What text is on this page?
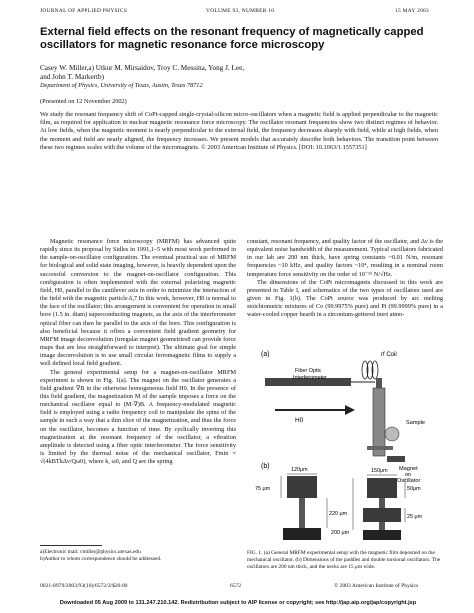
JOURNAL OF APPLIED PHYSICS	VOLUME 93, NUMBER 10	15 MAY 2003
External field effects on the resonant frequency of magnetically capped oscillators for magnetic resonance force microscopy
Casey W. Miller,a) Utkur M. Mirsaidov, Troy C. Messina, Yong J. Lee,
and John T. Markertb)
Department of Physics, University of Texas, Austin, Texas 78712
(Presented on 12 November 2002)
We study the resonant frequency shift of CoPt-capped single-crystal-silicon micro-oscillators when a magnetic field is applied perpendicular to the magnetic film, as required for application to nuclear magnetic resonance force microscopy. The oscillator resonant frequencies show two distinct regimes of behavior. At low fields, when the magnetic moment is nearly perpendicular to the external field, the frequency decreases sharply with field, while at high fields, when the moment and field are nearly aligned, the frequency increases. We present models that accurately describe both behaviors. The transition point between these two regimes scales with the volume of the micromagnets. © 2003 American Institute of Physics. [DOI: 10.1063/1.1557351]

Magnetic resonance force microscopy (MRFM) has advanced quite rapidly since its proposal by Sidles in 1991,1–5 with most work performed in the sample-on-oscillator configuration. The eventual practical use of MRFM for biological and solid state imaging, however, is heavily dependent upon the successful conversion to the magnet-on-oscillator configuration. This configuration is often implemented with the external polarizing magnetic field, H0, parallel to the cantilever axis in order to minimize the interaction of the field with the magnetic particle.6,7 In this work, however, H0 is normal to the face of the oscillator; this arrangement is convenient for operation in small bore (1.5 in. diam) superconducting magnets, as the axis of the interferometer optical fiber can then be parallel to the axis of the bore. This configuration is also beneficial because it offers a convenient field gradient geometry for MRFM image deconvolution (irregular magnet geometries8 can provide force maps that are less straightforward to interpret). The ultimate goal for simple image deconvolution is to use small circular ferromagnetic films to supply a well defined local field gradient.

The general experimental setup for a magnet-on-oscillator MRFM experiment is shown in Fig. 1(a). The magnet on the oscillator generates a field gradient ∇B in the otherwise homogeneous field H0. In the presence of this field gradient, the magnetization M of the sample imposes a force on the mechanical oscillator equal to (M·∇)B. A frequency-modulated magnetic field is employed using a radio frequency coil to manipulate the spins of the sample in such a way that a thin slice of the magnetization, and thus the force on the oscillator, becomes a function of time. By cyclically inverting this magnetization at the resonant frequency of the oscillator, a vibration amplitude is detected using a fiber optic interferometer. The force sensitivity is limited by the thermal noise of the mechanical oscillator, Fmin = √(4kBTkΔν/Qω0), where k, ω0, and Q are the spring

a)Electronic mail: cmiller@physics.utexas.edu
b)Author to whom correspondence should be addressed.

constant, resonant frequency, and quality factor of the oscillator, and Δν is the equivalent noise bandwidth of the measurement. Typical oscillators fabricated in our lab are 200 nm thick, have spring constants ~0.01 N/m, resonant frequencies ~10 kHz, and quality factors ~10⁴, resulting in a nominal room temperature force sensitivity on the order of 10⁻¹⁵ N/√Hz.

The dimensions of the CoPt micromagnets discussed in this work are presented in Table I, and schematics of the two types of oscillators used are given in Fig. 1(b). The CoPt source was produced by arc melting stoichiometric mixtures of Co (99.9975% pure) and Pt (99.9999% pure) in a water-cooled copper hearth in a zirconium-gettered inert atmo-

(a)	rf Coil
Fiber Optic
Interferometer
H0	Sample
Magnet
on
Oscillator
(b)	120μm	150μm
75 μm
220 μm
50μm
200 μm
25 μm
FIG. 1. (a) General MRFM experimental setup with the magnetic film deposited on the mechanical oscillator. (b) Dimensions of the paddles and double torsional oscillators. The oscillators are 200 nm thick, and the necks are 15 μm wide.
0021-8979/2003/93(10)/6572/3/$20.00	6572	© 2003 American Institute of Physics
Downloaded 05 Aug 2009 to 131.247.210.142. Redistribution subject to AIP license or copyright; see http://jap.aip.org/jap/copyright.jsp
